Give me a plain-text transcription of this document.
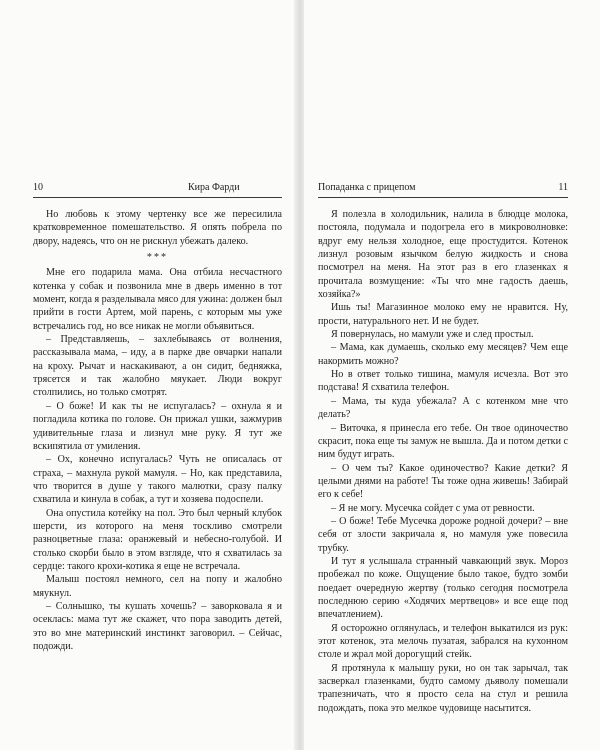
10	Кира Фарди

Но любовь к этому чертенку все же пересилила кратковременное помешательство. Я опять побрела по двору, надеясь, что он не рискнул убежать далеко.

***

Мне его подарила мама. Она отбила несчастного котенка у собак и позвонила мне в дверь именно в тот момент, когда я разделывала мясо для ужина: должен был прийти в гости Артем, мой парень, с которым мы уже встречались год, но все никак не могли объявиться.

– Представляешь, – захлебываясь от волнения, рассказывала мама, – иду, а в парке две овчарки напали на кроху. Рычат и наскакивают, а он сидит, бедняжка, трясется и так жалобно мяукает. Люди вокруг столпились, но только смотрят.

– О боже! И как ты не испугалась? – охнула я и погладила котика по голове. Он прижал ушки, зажмурив удивительные глаза и лизнул мне руку. Я тут же вскипятила от умиления.

– Ох, конечно испугалась? Чуть не описалась от страха, – махнула рукой мамуля. – Но, как представила, что творится в душе у такого малютки, сразу палку схватила и кинула в собак, а тут и хозяева подоспели.

Она опустила котейку на пол. Это был черный клубок шерсти, из которого на меня тоскливо смотрели разноцветные глаза: оранжевый и небесно-голубой. И столько скорби было в этом взгляде, что я схватилась за сердце: такого крохи-котика я еще не встречала.

Малыш постоял немного, сел на попу и жалобно мяукнул.

– Солнышко, ты кушать хочешь? – заворковала я и осеклась: мама тут же скажет, что пора заводить детей, это во мне материнский инстинкт заговорил. – Сейчас, подожди.

Попаданка с прицепом	11

Я полезла в холодильник, налила в блюдце молока, постояла, подумала и подогрела его в микроволновке: вдруг ему нельзя холодное, еще простудится. Котенок лизнул розовым язычком белую жидкость и снова посмотрел на меня. На этот раз в его глазенках я прочитала возмущение: «Ты что мне гадость даешь, хозяйка?»

Ишь ты! Магазинное молоко ему не нравится. Ну, прости, натурального нет. И не будет.

Я повернулась, но мамули уже и след простыл.

– Мама, как думаешь, сколько ему месяцев? Чем еще накормить можно?

Но в ответ только тишина, мамуля исчезла. Вот это подстава! Я схватила телефон.

– Мама, ты куда убежала? А с котенком мне что делать?

– Виточка, я принесла его тебе. Он твое одиночество скрасит, пока еще ты замуж не вышла. Да и потом детки с ним будут играть.

– О чем ты? Какое одиночество? Какие детки? Я целыми днями на работе! Ты тоже одна живешь! Забирай его к себе!

– Я не могу. Мусечка сойдет с ума от ревности.

– О боже! Тебе Мусечка дороже родной дочери? – вне себя от злости закричала я, но мамуля уже повесила трубку.

И тут я услышала странный чавкающий звук. Мороз пробежал по коже. Ощущение было такое, будто зомби поедает очередную жертву (только сегодня посмотрела последнюю серию «Ходячих мертвецов» и все еще под впечатлением).

Я осторожно оглянулась, и телефон выкатился из рук: этот котенок, эта мелочь пузатая, забрался на кухонном столе и жрал мой дорогущий стейк.

Я протянула к малышу руки, но он так зарычал, так засверкал глазенками, будто самому дьяволу помешали трапезничать, что я просто села на стул и решила подождать, пока это мелкое чудовище насытится.
